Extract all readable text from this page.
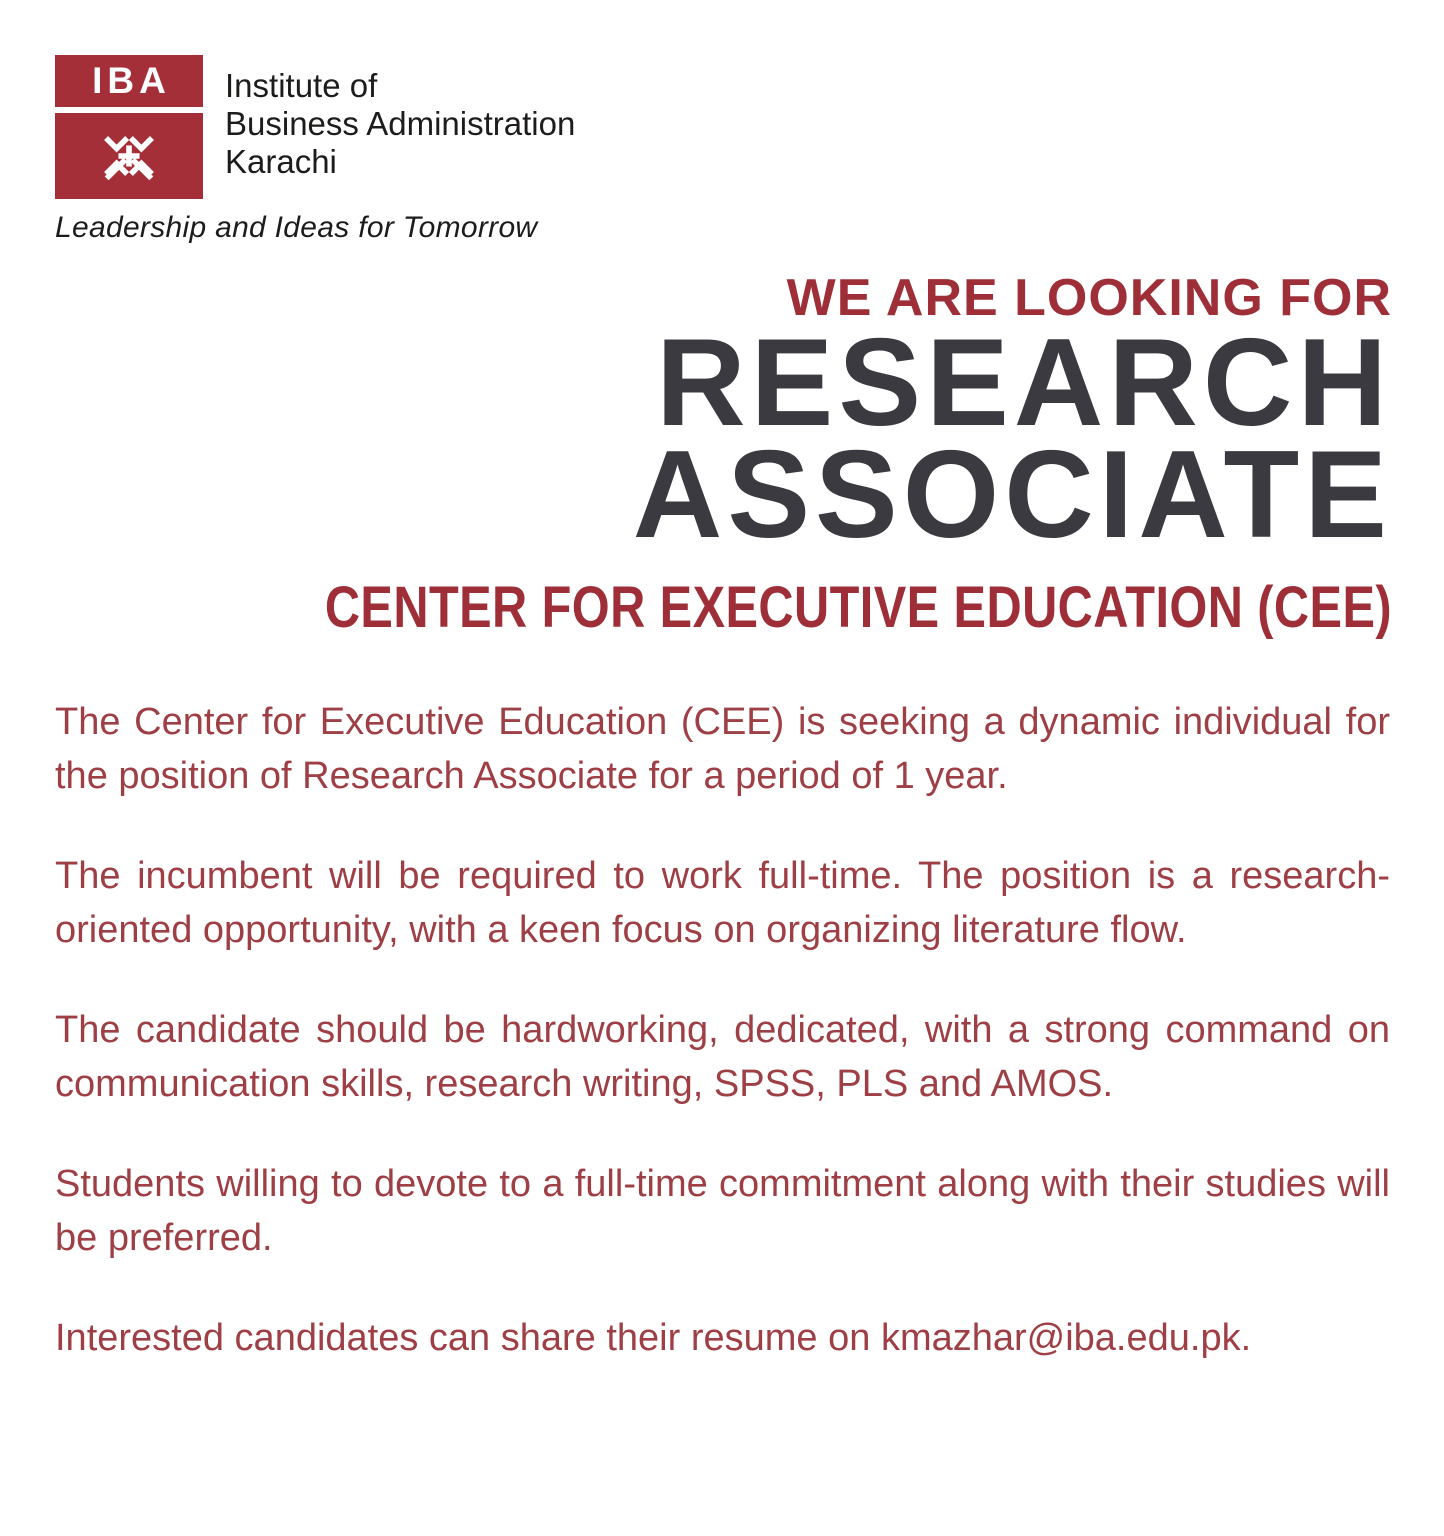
IBA Institute of
Business Administration
Karachi
Leadership and Ideas for Tomorrow
WE ARE LOOKING FOR
RESEARCH
ASSOCIATE
CENTER FOR EXECUTIVE EDUCATION (CEE)

The Center for Executive Education (CEE) is seeking a dynamic individual for the position of Research Associate for a period of 1 year.

The incumbent will be required to work full-time. The position is a research-oriented opportunity, with a keen focus on organizing literature flow.

The candidate should be hardworking, dedicated, with a strong command on communication skills, research writing, SPSS, PLS and AMOS.

Students willing to devote to a full-time commitment along with their studies will be preferred.

Interested candidates can share their resume on kmazhar@iba.edu.pk.
